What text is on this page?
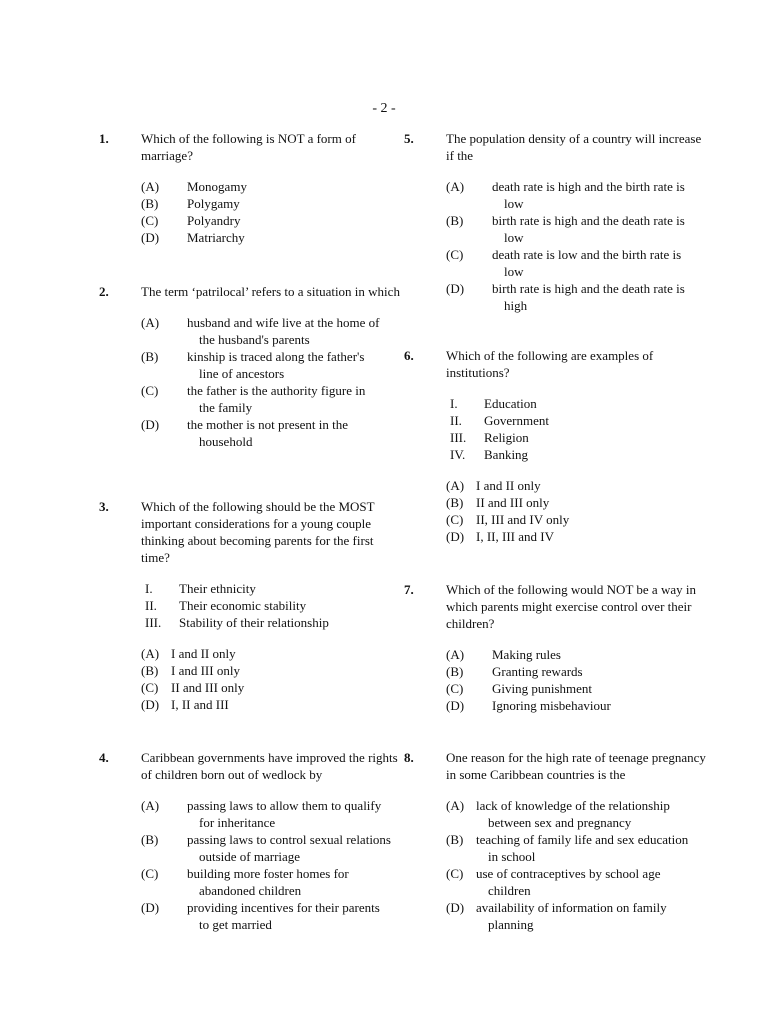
- 2 -
1. Which of the following is NOT a form of marriage?
(A)	Monogamy
(B)	Polygamy
(C)	Polyandry
(D)	Matriarchy
2. The term ‘patrilocal’ refers to a situation in which
(A)	husband and wife live at the home of
the husband's parents
(B)	kinship is traced along the father's
line of ancestors
(C)	the father is the authority figure in
the family
(D)	the mother is not present in the
household
3. Which of the following should be the MOST important considerations for a young couple thinking about becoming parents for the first time?
I.	Their ethnicity
II.	Their economic stability
III.	Stability of their relationship
(A) I and II only
(B) I and III only
(C) II and III only
(D) I, II and III
4. Caribbean governments have improved the rights of children born out of wedlock by
(A)	passing laws to allow them to qualify
for inheritance
(B)	passing laws to control sexual relations
outside of marriage
(C)	building more foster homes for
abandoned children
(D)	providing incentives for their parents
to get married
5. The population density of a country will increase if the
(A)	death rate is high and the birth rate is
low
(B)	birth rate is high and the death rate is
low
(C)	death rate is low and the birth rate is
low
(D)	birth rate is high and the death rate is
high
6. Which of the following are examples of institutions?
I.	Education
II.	Government
III.	Religion
IV.	Banking
(A) I and II only
(B) II and III only
(C) II, III and IV only
(D) I, II, III and IV
7. Which of the following would NOT be a way in which parents might exercise control over their children?
(A)	Making rules
(B)	Granting rewards
(C)	Giving punishment
(D)	Ignoring misbehaviour
8. One reason for the high rate of teenage pregnancy in some Caribbean countries is the
(A) lack of knowledge of the relationship
between sex and pregnancy
(B) teaching of family life and sex education
in school
(C) use of contraceptives by school age
children
(D) availability of information on family
planning
